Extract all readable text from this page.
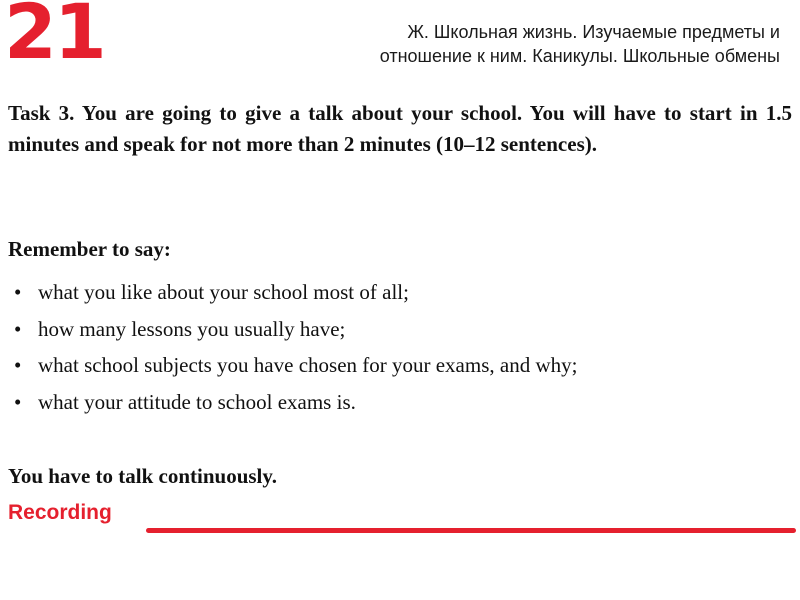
21	Ж. Школьная жизнь. Изучаемые предметы и
отношение к ним. Каникулы. Школьные обмены

Task 3. You are going to give a talk about your school. You will have to start in 1.5 minutes and speak for not more than 2 minutes (10–12 sentences).

Remember to say:

• what you like about your school most of all;
• how many lessons you usually have;
• what school subjects you have chosen for your exams, and why;
• what your attitude to school exams is.

You have to talk continuously.

Recording
